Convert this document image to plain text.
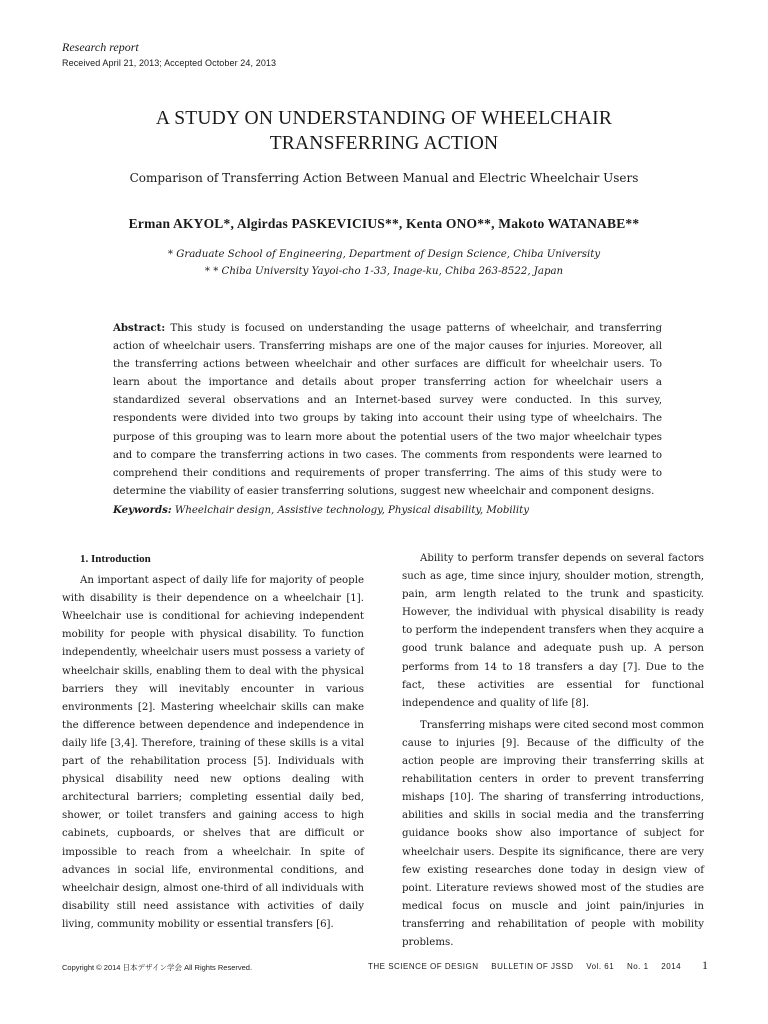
Research report
Received April 21, 2013; Accepted October 24, 2013
A STUDY ON UNDERSTANDING OF WHEELCHAIR
TRANSFERRING ACTION
Comparison of Transferring Action Between Manual and Electric Wheelchair Users
Erman AKYOL*, Algirdas PASKEVICIUS**, Kenta ONO**, Makoto WATANABE**
* Graduate School of Engineering, Department of Design Science, Chiba University
* * Chiba University Yayoi-cho 1-33, Inage-ku, Chiba 263-8522, Japan
Abstract: This study is focused on understanding the usage patterns of wheelchair, and transferring action of wheelchair users. Transferring mishaps are one of the major causes for injuries. Moreover, all the transferring actions between wheelchair and other surfaces are difficult for wheelchair users. To learn about the importance and details about proper transferring action for wheelchair users a standardized several observations and an Internet-based survey were conducted. In this survey, respondents were divided into two groups by taking into account their using type of wheelchairs. The purpose of this grouping was to learn more about the potential users of the two major wheelchair types and to compare the transferring actions in two cases. The comments from respondents were learned to comprehend their conditions and requirements of proper transferring. The aims of this study were to determine the viability of easier transferring solutions, suggest new wheelchair and component designs.
Keywords: Wheelchair design, Assistive technology, Physical disability, Mobility

1. Introduction

An important aspect of daily life for majority of people with disability is their dependence on a wheelchair [1]. Wheelchair use is conditional for achieving independent mobility for people with physical disability. To function independently, wheelchair users must possess a variety of wheelchair skills, enabling them to deal with the physical barriers they will inevitably encounter in various environments [2]. Mastering wheelchair skills can make the difference between dependence and independence in daily life [3,4]. Therefore, training of these skills is a vital part of the rehabilitation process [5]. Individuals with physical disability need new options dealing with architectural barriers; completing essential daily bed, shower, or toilet transfers and gaining access to high cabinets, cupboards, or shelves that are difficult or impossible to reach from a wheelchair. In spite of advances in social life, environmental conditions, and wheelchair design, almost one-third of all individuals with disability still need assistance with activities of daily living, community mobility or essential transfers [6].

Ability to perform transfer depends on several factors such as age, time since injury, shoulder motion, strength, pain, arm length related to the trunk and spasticity. However, the individual with physical disability is ready to perform the independent transfers when they acquire a good trunk balance and adequate push up. A person performs from 14 to 18 transfers a day [7]. Due to the fact, these activities are essential for functional independence and quality of life [8].

Transferring mishaps were cited second most common cause to injuries [9]. Because of the difficulty of the action people are improving their transferring skills at rehabilitation centers in order to prevent transferring mishaps [10]. The sharing of transferring introductions, abilities and skills in social media and the transferring guidance books show also importance of subject for wheelchair users. Despite its significance, there are very few existing researches done today in design view of point. Literature reviews showed most of the studies are medical focus on muscle and joint pain/injuries in transferring and rehabilitation of people with mobility problems.

Copyright © 2014 日本デザイン学会 All Rights Reserved.	THE SCIENCE OF DESIGN BULLETIN OF JSSD Vol. 61 No. 1 2014	1
